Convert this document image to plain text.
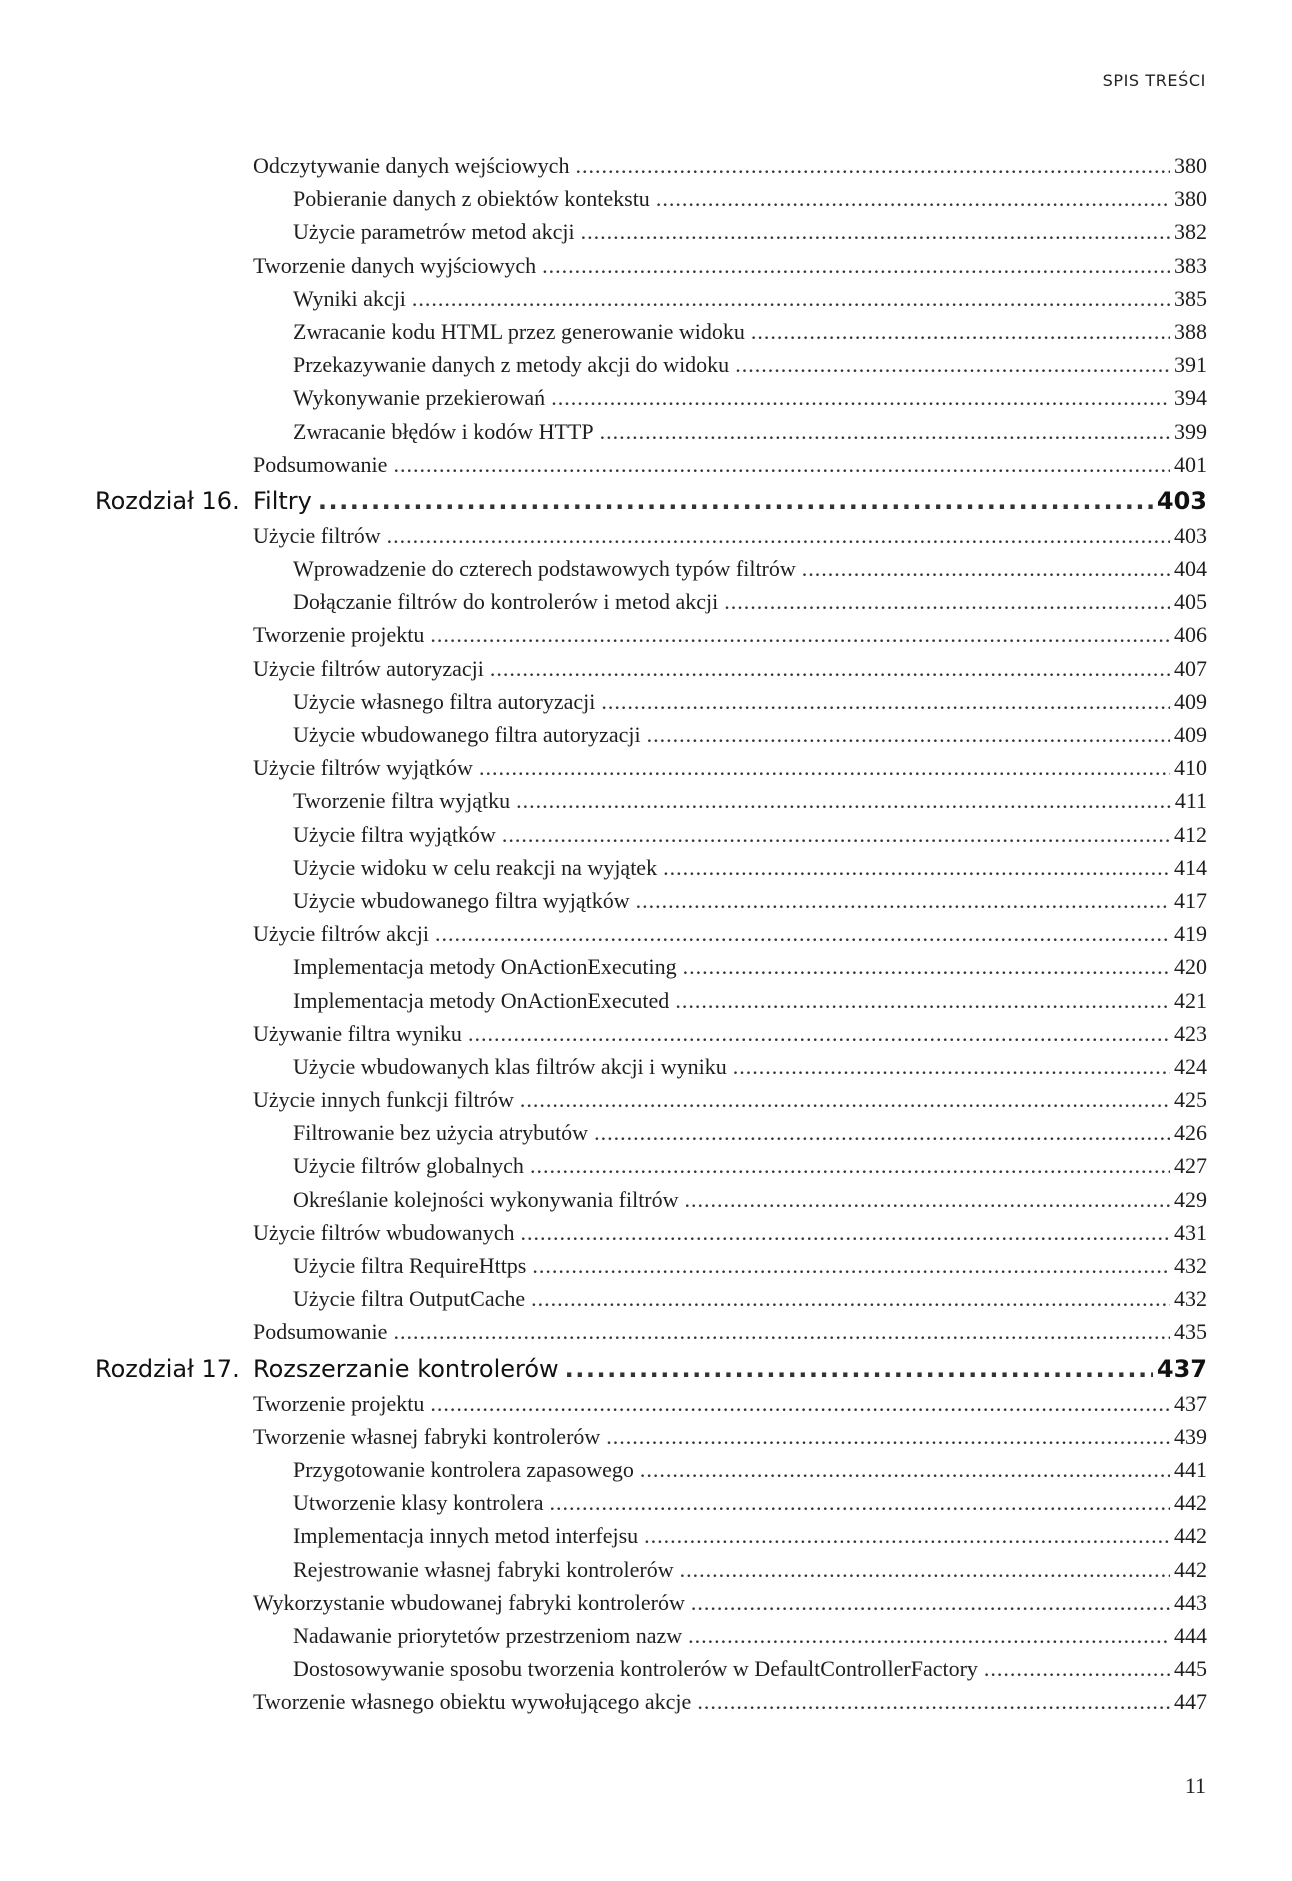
SPIS TREŚCI
Odczytywanie danych wejściowych .....	380
Pobieranie danych z obiektów kontekstu .....	380
Użycie parametrów metod akcji .....	382
Tworzenie danych wyjściowych .....	383
Wyniki akcji .....	385
Zwracanie kodu HTML przez generowanie widoku .....	388
Przekazywanie danych z metody akcji do widoku .....	391
Wykonywanie przekierowań .....	394
Zwracanie błędów i kodów HTTP .....	399
Podsumowanie .....	401
Rozdział 16. Filtry .....	403
Użycie filtrów .....	403
Wprowadzenie do czterech podstawowych typów filtrów .....	404
Dołączanie filtrów do kontrolerów i metod akcji .....	405
Tworzenie projektu .....	406
Użycie filtrów autoryzacji .....	407
Użycie własnego filtra autoryzacji .....	409
Użycie wbudowanego filtra autoryzacji .....	409
Użycie filtrów wyjątków .....	410
Tworzenie filtra wyjątku .....	411
Użycie filtra wyjątków .....	412
Użycie widoku w celu reakcji na wyjątek .....	414
Użycie wbudowanego filtra wyjątków .....	417
Użycie filtrów akcji .....	419
Implementacja metody OnActionExecuting .....	420
Implementacja metody OnActionExecuted .....	421
Używanie filtra wyniku .....	423
Użycie wbudowanych klas filtrów akcji i wyniku .....	424
Użycie innych funkcji filtrów .....	425
Filtrowanie bez użycia atrybutów .....	426
Użycie filtrów globalnych .....	427
Określanie kolejności wykonywania filtrów .....	429
Użycie filtrów wbudowanych .....	431
Użycie filtra RequireHttps .....	432
Użycie filtra OutputCache .....	432
Podsumowanie .....	435
Rozdział 17. Rozszerzanie kontrolerów .....	437
Tworzenie projektu .....	437
Tworzenie własnej fabryki kontrolerów .....	439
Przygotowanie kontrolera zapasowego .....	441
Utworzenie klasy kontrolera .....	442
Implementacja innych metod interfejsu .....	442
Rejestrowanie własnej fabryki kontrolerów .....	442
Wykorzystanie wbudowanej fabryki kontrolerów .....	443
Nadawanie priorytetów przestrzeniom nazw .....	444
Dostosowywanie sposobu tworzenia kontrolerów w DefaultControllerFactory .....	445
Tworzenie własnego obiektu wywołującego akcje .....	447
11
